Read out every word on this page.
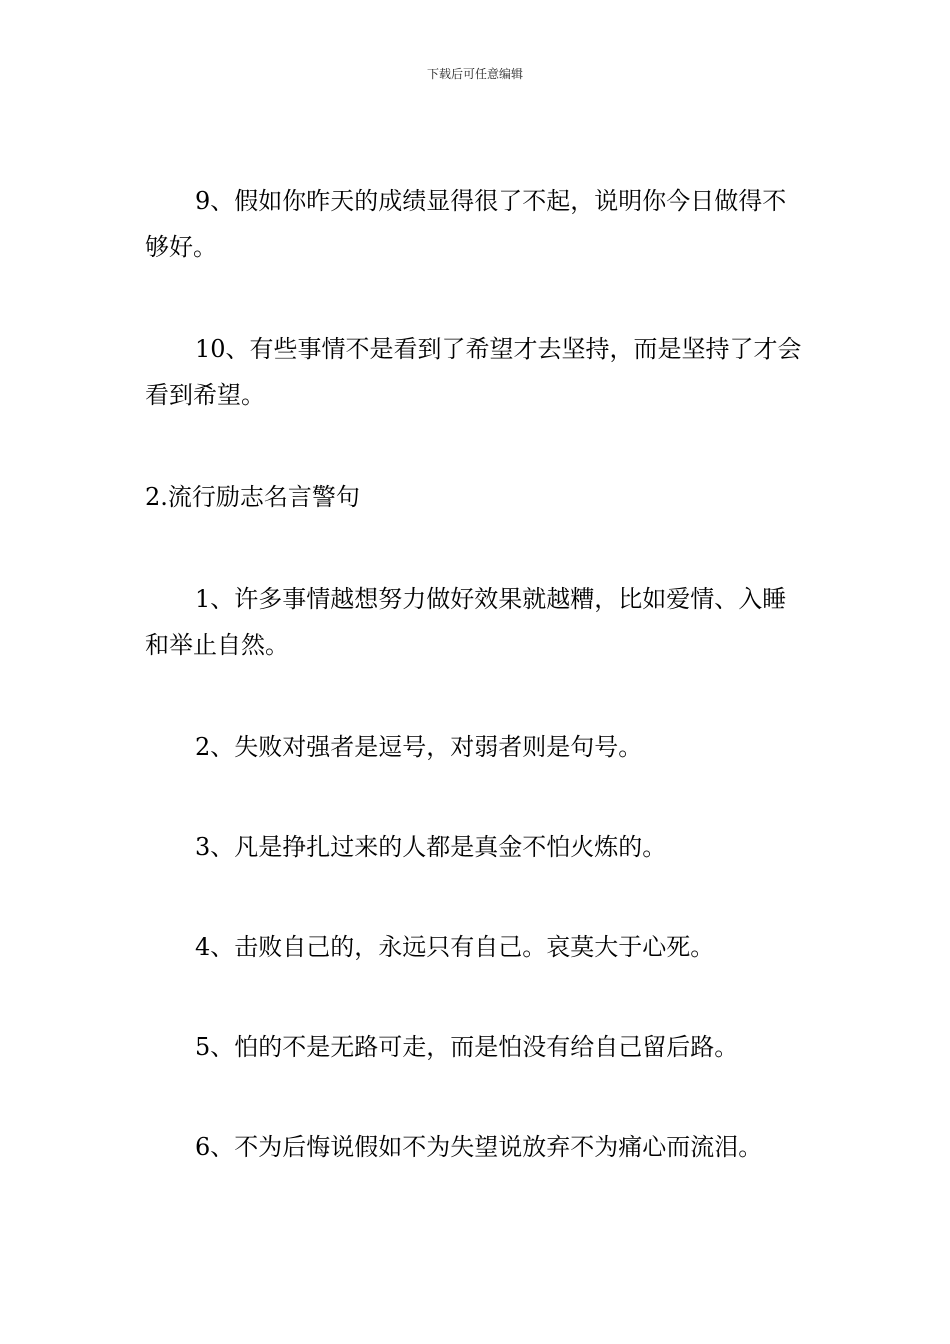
下载后可任意编辑

9、假如你昨天的成绩显得很了不起，说明你今日做得不够好。

10、有些事情不是看到了希望才去坚持，而是坚持了才会看到希望。

2.流行励志名言警句

1、许多事情越想努力做好效果就越糟，比如爱情、入睡和举止自然。

2、失败对强者是逗号，对弱者则是句号。

3、凡是挣扎过来的人都是真金不怕火炼的。

4、击败自己的，永远只有自己。哀莫大于心死。

5、怕的不是无路可走，而是怕没有给自己留后路。

6、不为后悔说假如不为失望说放弃不为痛心而流泪。
